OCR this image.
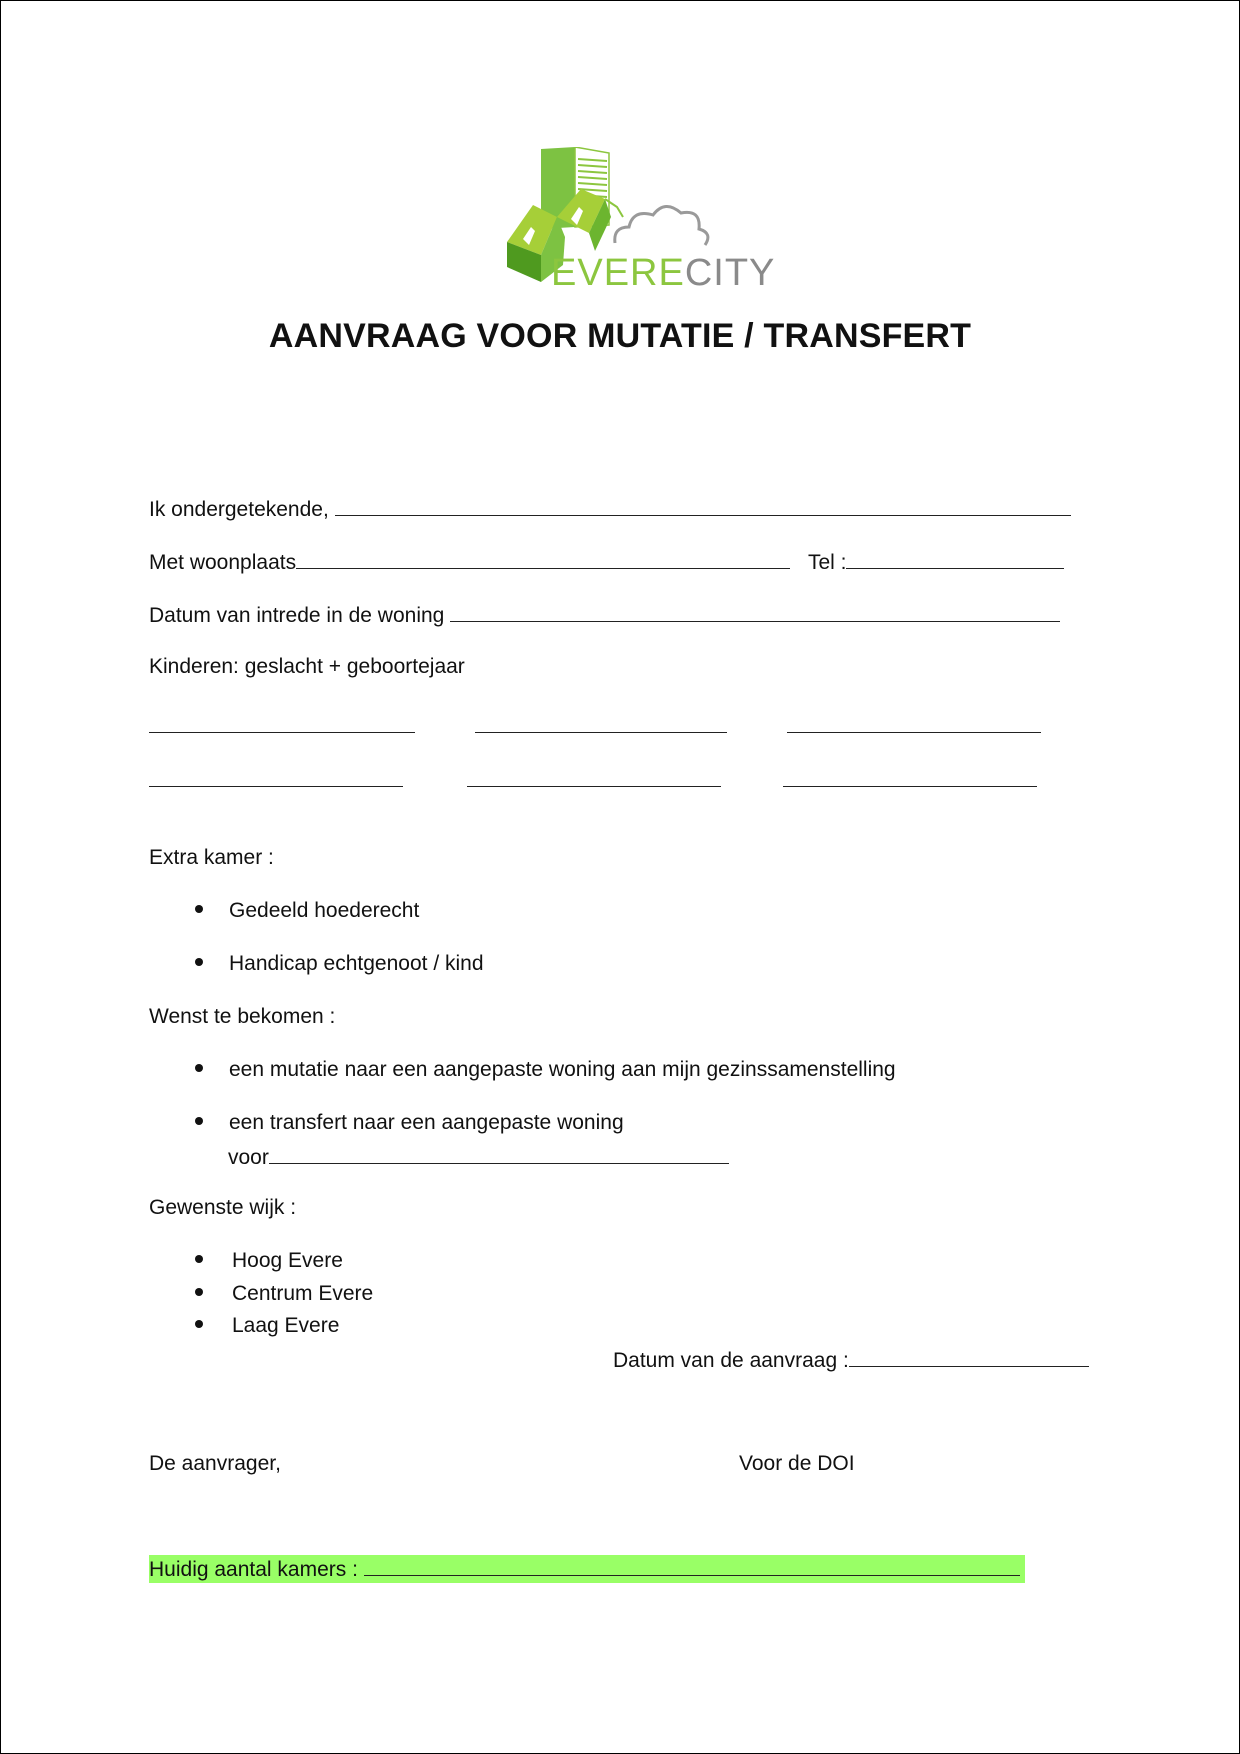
EVERECITY
AANVRAAG VOOR MUTATIE / TRANSFERT
Ik ondergetekende,
Met woonplaats	Tel :
Datum van intrede in de woning
Kinderen: geslacht + geboortejaar
Extra kamer :
Gedeeld hoederecht
Handicap echtgenoot / kind
Wenst te bekomen :
een mutatie naar een aangepaste woning aan mijn gezinssamenstelling
een transfert naar een aangepaste woning
voor
Gewenste wijk :
Hoog Evere
Centrum Evere
Laag Evere
Datum van de aanvraag :
De aanvrager,	Voor de DOI
Huidig aantal kamers :
